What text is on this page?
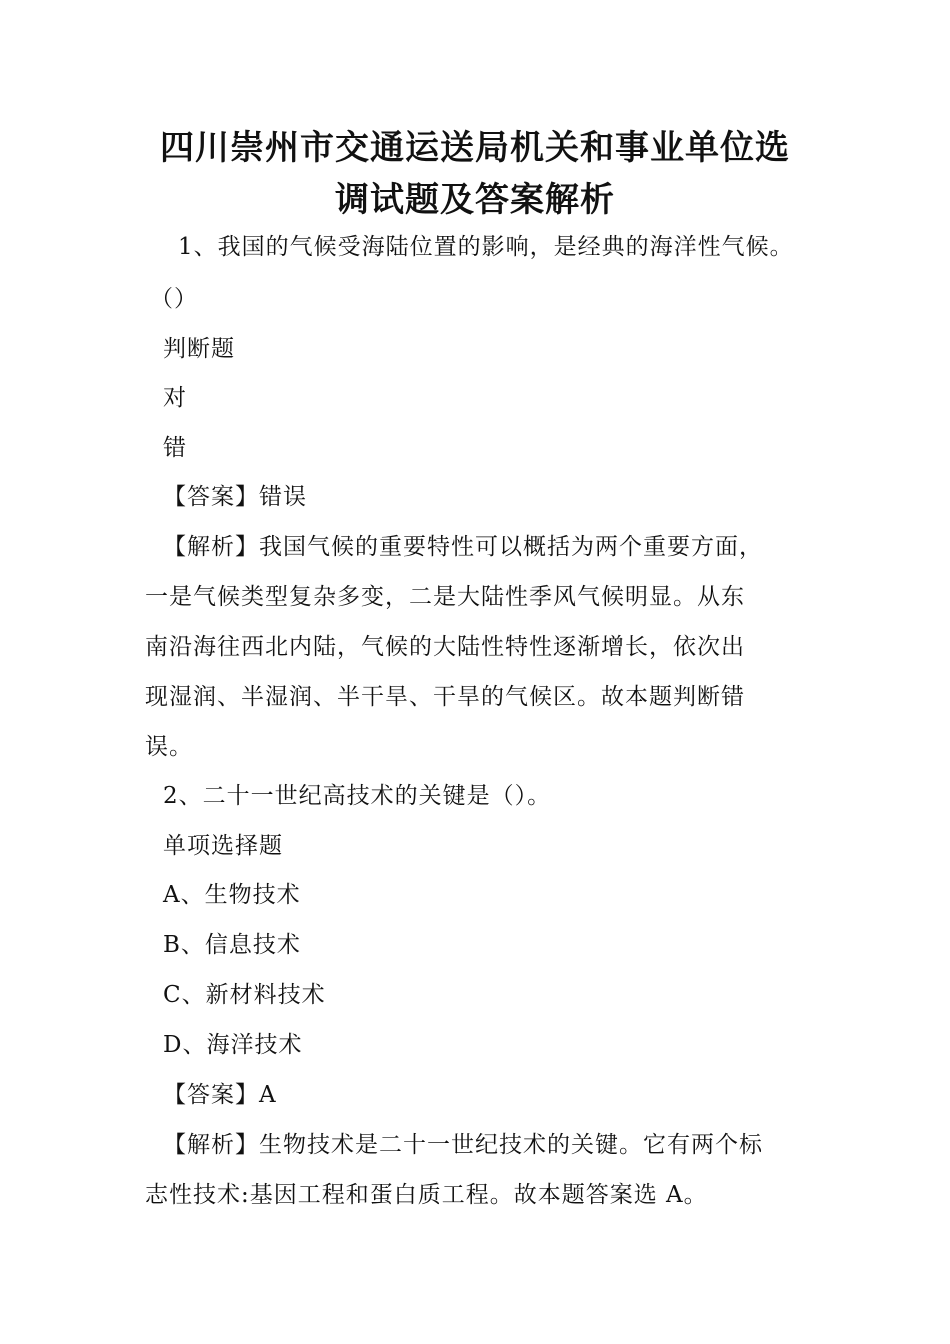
四川崇州市交通运送局机关和事业单位选
调试题及答案解析
1、我国的气候受海陆位置的影响，是经典的海洋性气候。
（）
判断题
对
错
【答案】错误
【解析】我国气候的重要特性可以概括为两个重要方面，
一是气候类型复杂多变，二是大陆性季风气候明显。从东
南沿海往西北内陆，气候的大陆性特性逐渐增长，依次出
现湿润、半湿润、半干旱、干旱的气候区。故本题判断错
误。
2、二十一世纪高技术的关键是（）。
单项选择题
A、生物技术
B、信息技术
C、新材料技术
D、海洋技术
【答案】A
【解析】生物技术是二十一世纪技术的关键。它有两个标
志性技术:基因工程和蛋白质工程。故本题答案选 A。
